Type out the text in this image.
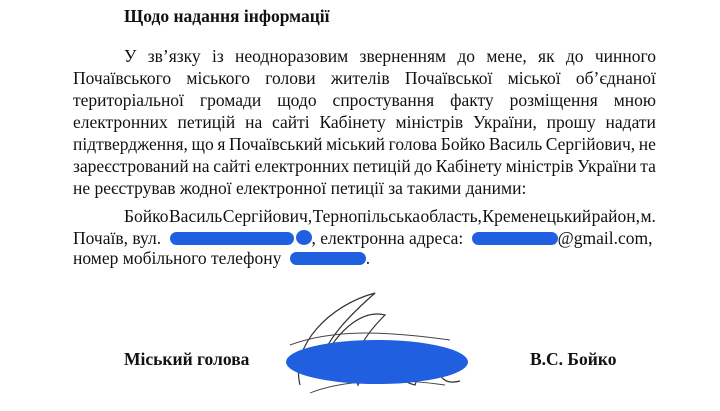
Щодо надання інформації
У зв’язку із неодноразовим зверненням до мене, як до чинного
Почаївського міського голови жителів Почаївської міської об’єднаної
територіальної громади щодо спростування факту розміщення мною
електронних петицій на сайті Кабінету міністрів України, прошу надати
підтвердження, що я Почаївський міський голова Бойко Василь Сергійович, не
зареєстрований на сайті електронних петицій до Кабінету міністрів України та
не реєстрував жодної електронної петиції за такими даними:
Бойко Василь Сергійович, Тернопільська область, Кременецький район, м.
Почаїв, вул.	, електронна адреса:	@gmail.com,
номер мобільного телефону	.
Міський голова	В.С. Бойко
